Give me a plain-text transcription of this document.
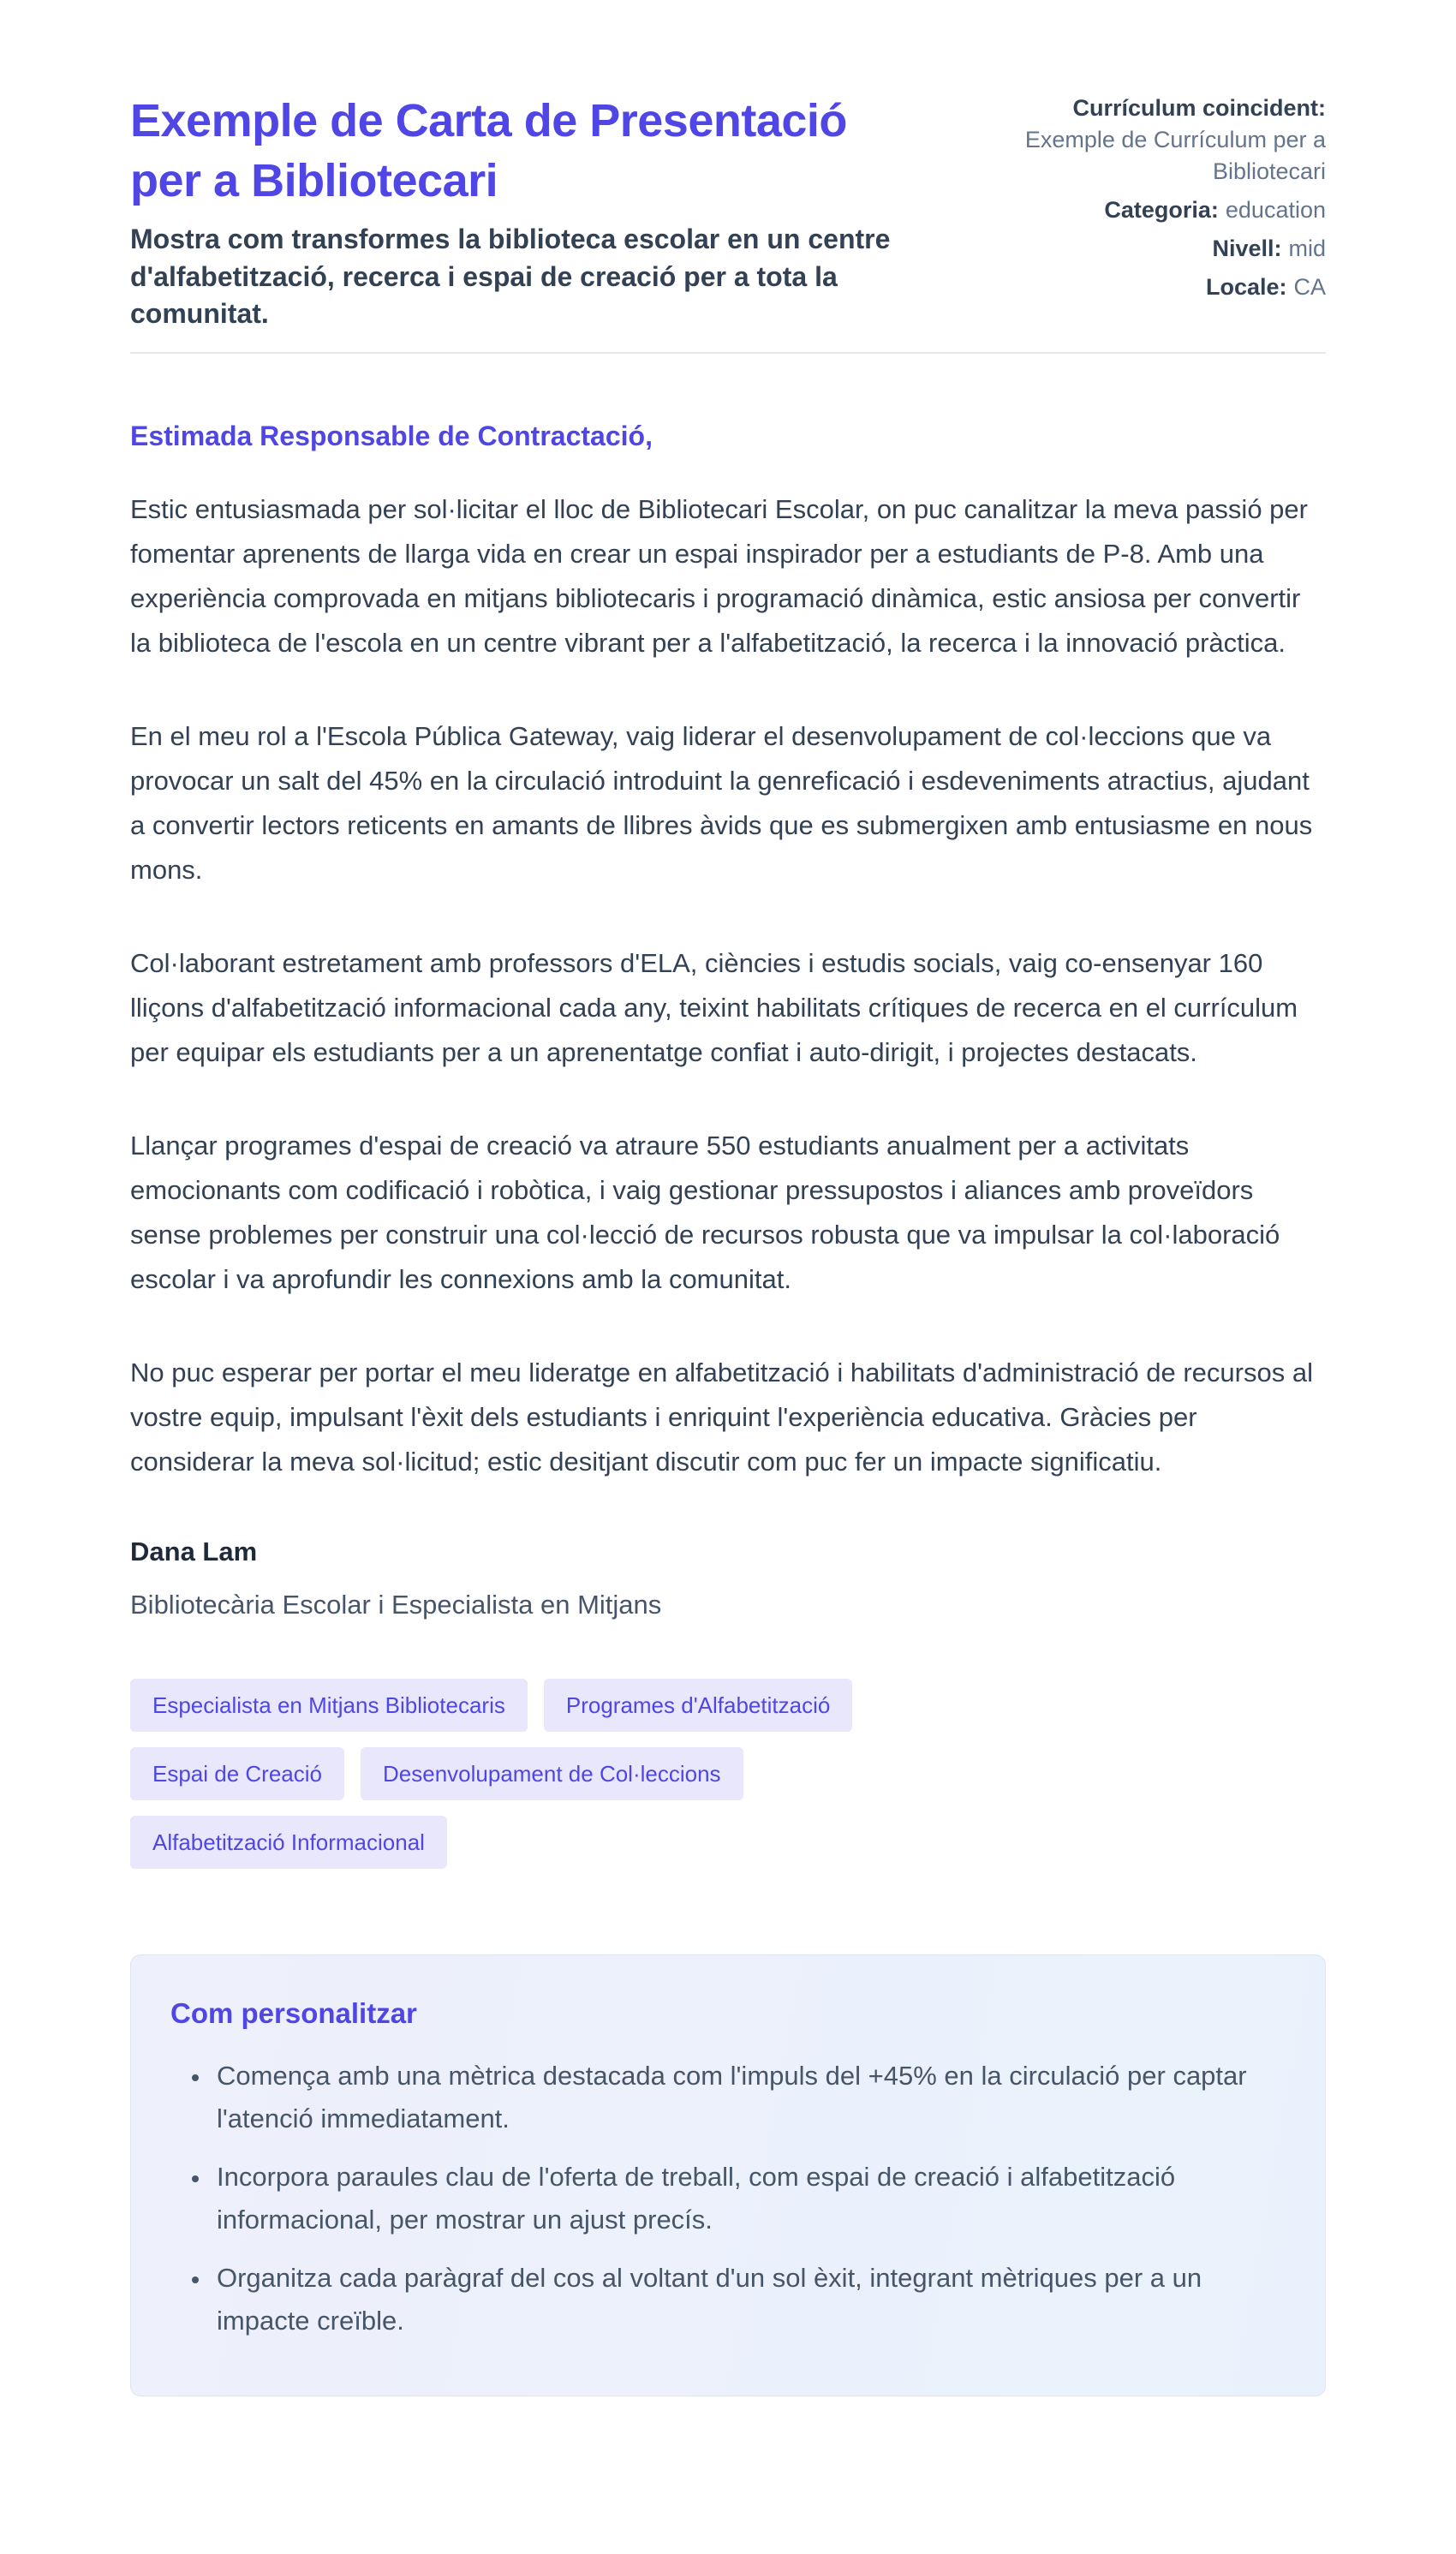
Exemple de Carta de Presentació per a Bibliotecari
Mostra com transformes la biblioteca escolar en un centre d'alfabetització, recerca i espai de creació per a tota la comunitat.
Currículum coincident:
Exemple de Currículum per a Bibliotecari
Categoria: education
Nivell: mid
Locale: CA

Estimada Responsable de Contractació,

Estic entusiasmada per sol·licitar el lloc de Bibliotecari Escolar, on puc canalitzar la meva passió per fomentar aprenents de llarga vida en crear un espai inspirador per a estudiants de P-8. Amb una experiència comprovada en mitjans bibliotecaris i programació dinàmica, estic ansiosa per convertir la biblioteca de l'escola en un centre vibrant per a l'alfabetització, la recerca i la innovació pràctica.

En el meu rol a l'Escola Pública Gateway, vaig liderar el desenvolupament de col·leccions que va provocar un salt del 45% en la circulació introduint la genreficació i esdeveniments atractius, ajudant a convertir lectors reticents en amants de llibres àvids que es submergixen amb entusiasme en nous mons.

Col·laborant estretament amb professors d'ELA, ciències i estudis socials, vaig co-ensenyar 160 lliçons d'alfabetització informacional cada any, teixint habilitats crítiques de recerca en el currículum per equipar els estudiants per a un aprenentatge confiat i auto-dirigit, i projectes destacats.

Llançar programes d'espai de creació va atraure 550 estudiants anualment per a activitats emocionants com codificació i robòtica, i vaig gestionar pressupostos i aliances amb proveïdors sense problemes per construir una col·lecció de recursos robusta que va impulsar la col·laboració escolar i va aprofundir les connexions amb la comunitat.

No puc esperar per portar el meu lideratge en alfabetització i habilitats d'administració de recursos al vostre equip, impulsant l'èxit dels estudiants i enriquint l'experiència educativa. Gràcies per considerar la meva sol·licitud; estic desitjant discutir com puc fer un impacte significatiu.

Dana Lam
Bibliotecària Escolar i Especialista en Mitjans
Especialista en Mitjans Bibliotecaris	Programes d'Alfabetització
Espai de Creació	Desenvolupament de Col·leccions
Alfabetització Informacional
Com personalitzar
• Comença amb una mètrica destacada com l'impuls del +45% en la circulació per captar l'atenció immediatament.
• Incorpora paraules clau de l'oferta de treball, com espai de creació i alfabetització informacional, per mostrar un ajust precís.
• Organitza cada paràgraf del cos al voltant d'un sol èxit, integrant mètriques per a un impacte creïble.
